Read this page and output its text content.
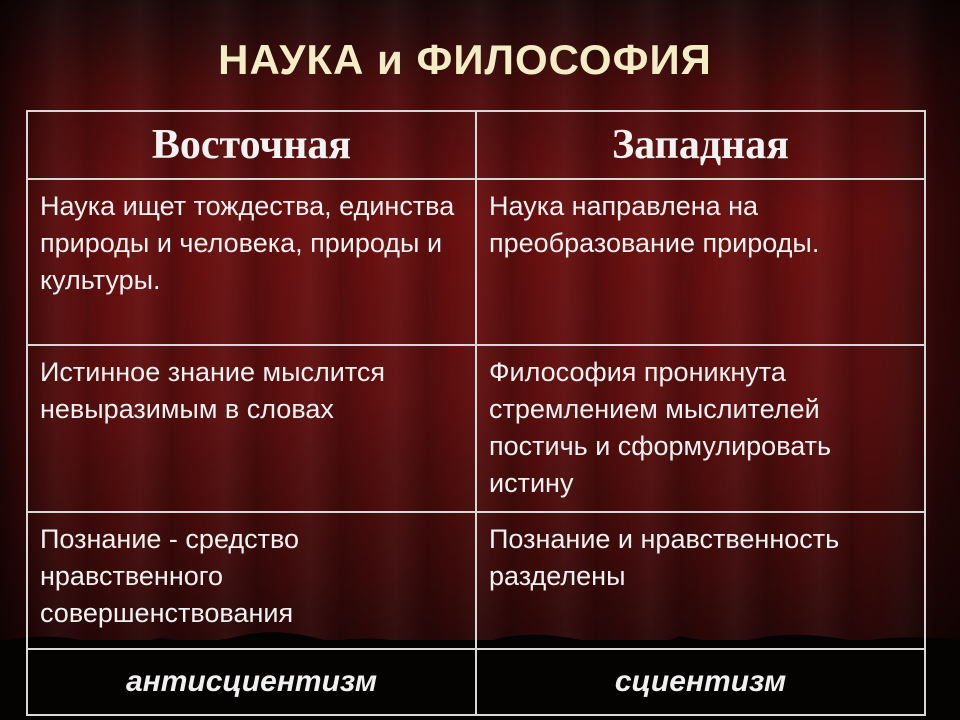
НАУКА и ФИЛОСОФИЯ
Восточная	Западная
Наука ищет тождества, единства природы и человека, природы и культуры.	Наука направлена на преобразование природы.
Истинное знание мыслится невыразимым в словах	Философия проникнута стремлением мыслителей постичь и сформулировать истину
Познание - средство нравственного совершенствования	Познание и нравственность разделены
антисциентизм	сциентизм
